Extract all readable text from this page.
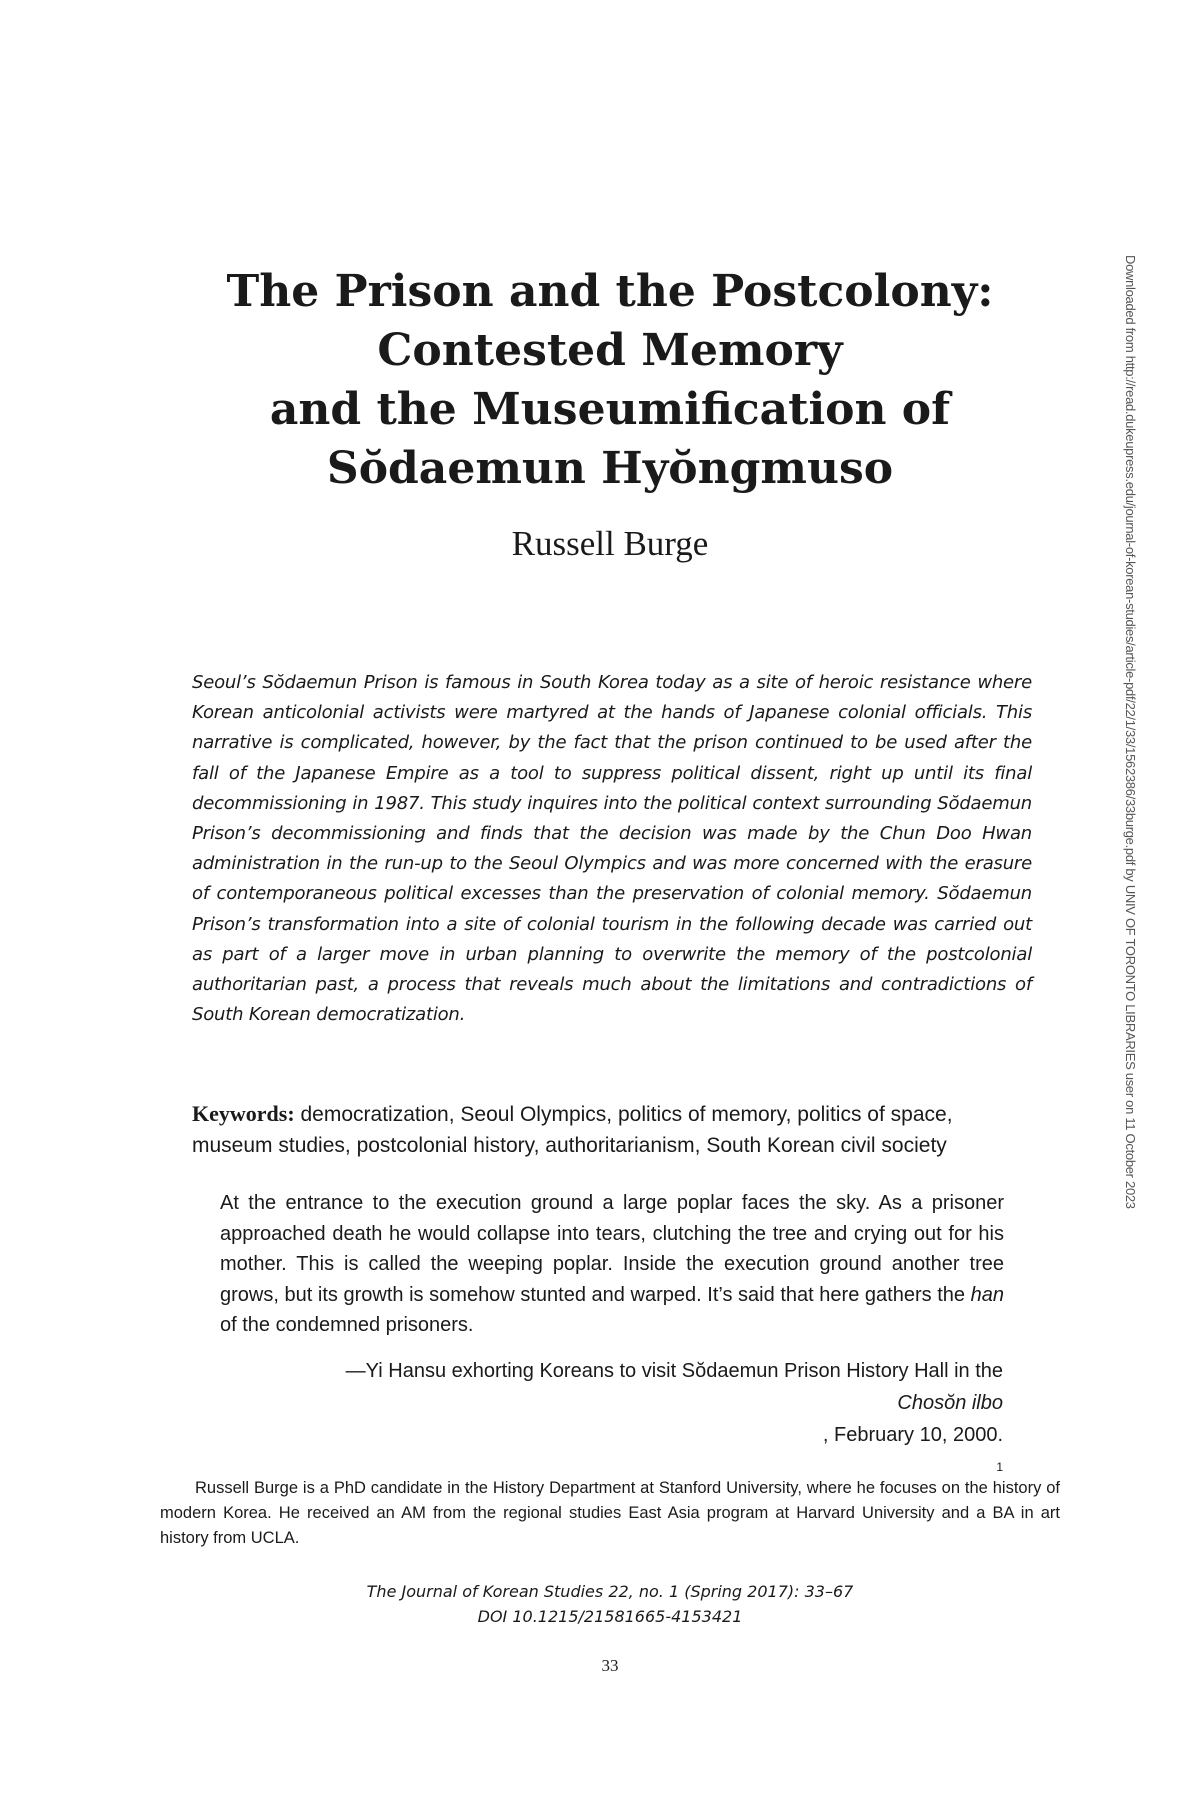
The Prison and the Postcolony:
Contested Memory
and the Museumification of
Sŏdaemun Hyŏngmuso
Russell Burge

Seoul’s Sŏdaemun Prison is famous in South Korea today as a site of heroic resistance where Korean anticolonial activists were martyred at the hands of Japanese colonial officials. This narrative is complicated, however, by the fact that the prison continued to be used after the fall of the Japanese Empire as a tool to suppress political dissent, right up until its final decommissioning in 1987. This study inquires into the political context surrounding Sŏdaemun Prison’s decommissioning and finds that the decision was made by the Chun Doo Hwan administration in the run-up to the Seoul Olympics and was more concerned with the erasure of contemporaneous political excesses than the preservation of colonial memory. Sŏdaemun Prison’s transformation into a site of colonial tourism in the following decade was carried out as part of a larger move in urban planning to overwrite the memory of the postcolonial authoritarian past, a process that reveals much about the limitations and contradictions of South Korean democratization.

Keywords: democratization, Seoul Olympics, politics of memory, politics of space, museum studies, postcolonial history, authoritarianism, South Korean civil society

At the entrance to the execution ground a large poplar faces the sky. As a prisoner approached death he would collapse into tears, clutching the tree and crying out for his mother. This is called the weeping poplar. Inside the execution ground another tree grows, but its growth is somehow stunted and warped. It’s said that here gathers the han of the condemned prisoners.

—Yi Hansu exhorting Koreans to visit Sŏdaemun Prison History Hall in the
Chosŏn ilbo
, February 10, 2000.
$^1$

Russell Burge is a PhD candidate in the History Department at Stanford University, where he focuses on the history of modern Korea. He received an AM from the regional studies East Asia program at Harvard University and a BA in art history from UCLA.

The Journal of Korean Studies 22, no. 1 (Spring 2017): 33–67
DOI 10.1215/21581665-4153421

33
Downloaded from http://read.dukeupress.edu/journal-of-korean-studies/article-pdf/22/1/33/1562386/33burge.pdf by UNIV OF TORONTO LIBRARIES user on 11 October 2023
